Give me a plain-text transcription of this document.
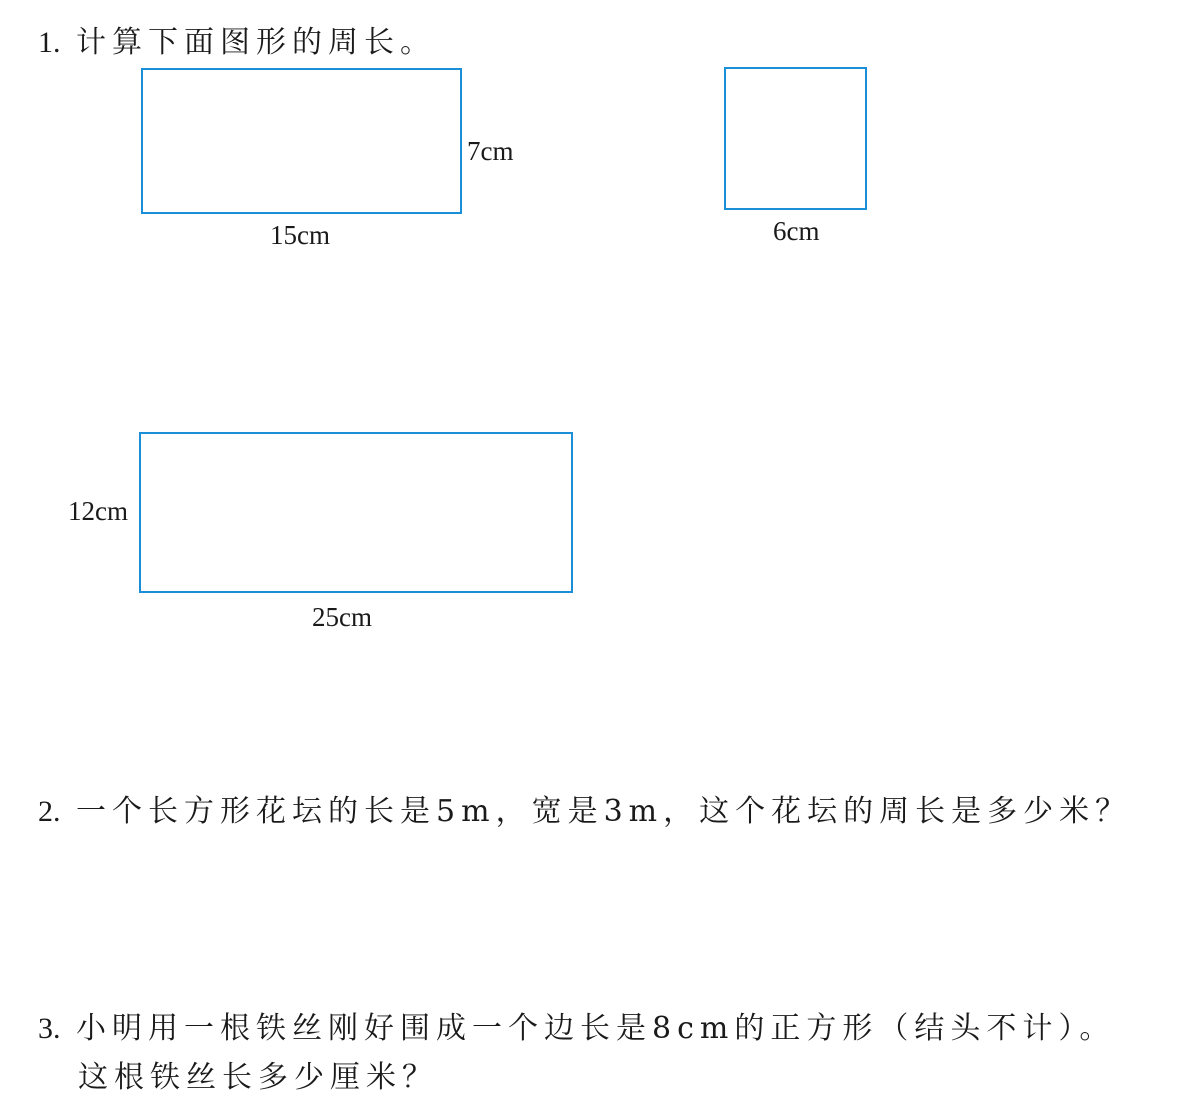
1. 计算下面图形的周长。
7cm
15cm	6cm
12cm
25cm
2. 一个长方形花坛的长是5m，宽是3m，这个花坛的周长是多少米？
3. 小明用一根铁丝刚好围成一个边长是8cm的正方形（结头不计）。
这根铁丝长多少厘米？
